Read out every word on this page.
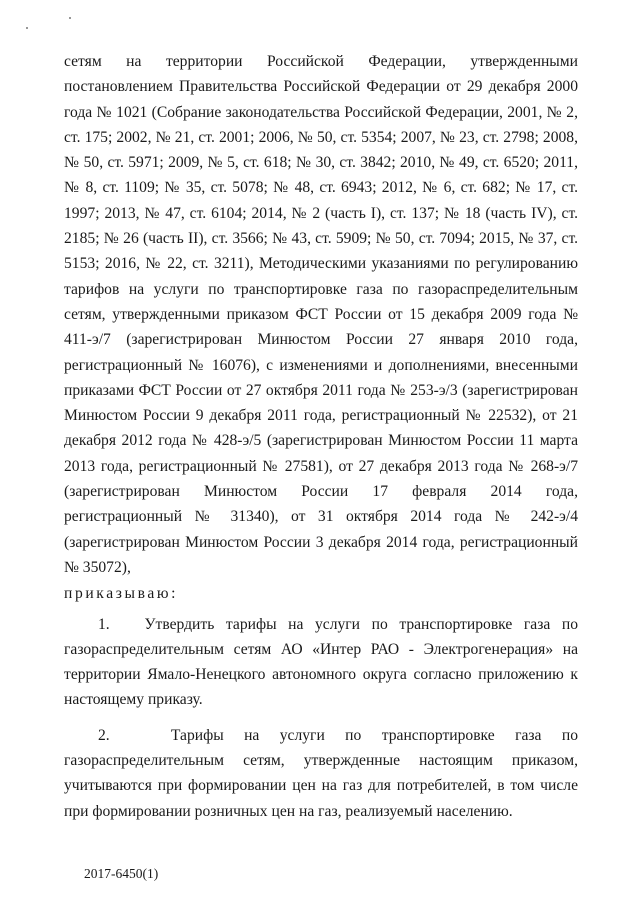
сетям на территории Российской Федерации, утвержденными постановлением Правительства Российской Федерации от 29 декабря 2000 года № 1021 (Собрание законодательства Российской Федерации, 2001, № 2, ст. 175; 2002, № 21, ст. 2001; 2006, № 50, ст. 5354; 2007, № 23, ст. 2798; 2008, № 50, ст. 5971; 2009, № 5, ст. 618; № 30, ст. 3842; 2010, № 49, ст. 6520; 2011, № 8, ст. 1109; № 35, ст. 5078; № 48, ст. 6943; 2012, № 6, ст. 682; № 17, ст. 1997; 2013, № 47, ст. 6104; 2014, № 2 (часть I), ст. 137; № 18 (часть IV), ст. 2185; № 26 (часть II), ст. 3566; № 43, ст. 5909; № 50, ст. 7094; 2015, № 37, ст. 5153; 2016, № 22, ст. 3211), Методическими указаниями по регулированию тарифов на услуги по транспортировке газа по газораспределительным сетям, утвержденными приказом ФСТ России от 15 декабря 2009 года № 411-э/7 (зарегистрирован Минюстом России 27 января 2010 года, регистрационный № 16076), с изменениями и дополнениями, внесенными приказами ФСТ России от 27 октября 2011 года № 253-э/3 (зарегистрирован Минюстом России 9 декабря 2011 года, регистрационный № 22532), от 21 декабря 2012 года № 428-э/5 (зарегистрирован Минюстом России 11 марта 2013 года, регистрационный № 27581), от 27 декабря 2013 года № 268-э/7 (зарегистрирован Минюстом России 17 февраля 2014 года, регистрационный № 31340), от 31 октября 2014 года № 242-э/4 (зарегистрирован Минюстом России 3 декабря 2014 года, регистрационный № 35072),

приказываю:

1. Утвердить тарифы на услуги по транспортировке газа по газораспределительным сетям АО «Интер РАО - Электрогенерация» на территории Ямало-Ненецкого автономного округа согласно приложению к настоящему приказу.

2.	Тарифы на услуги по транспортировке газа по газораспределительным сетям, утвержденные настоящим приказом, учитываются при формировании цен на газ для потребителей, в том числе при формировании розничных цен на газ, реализуемый населению.

2017-6450(1)
